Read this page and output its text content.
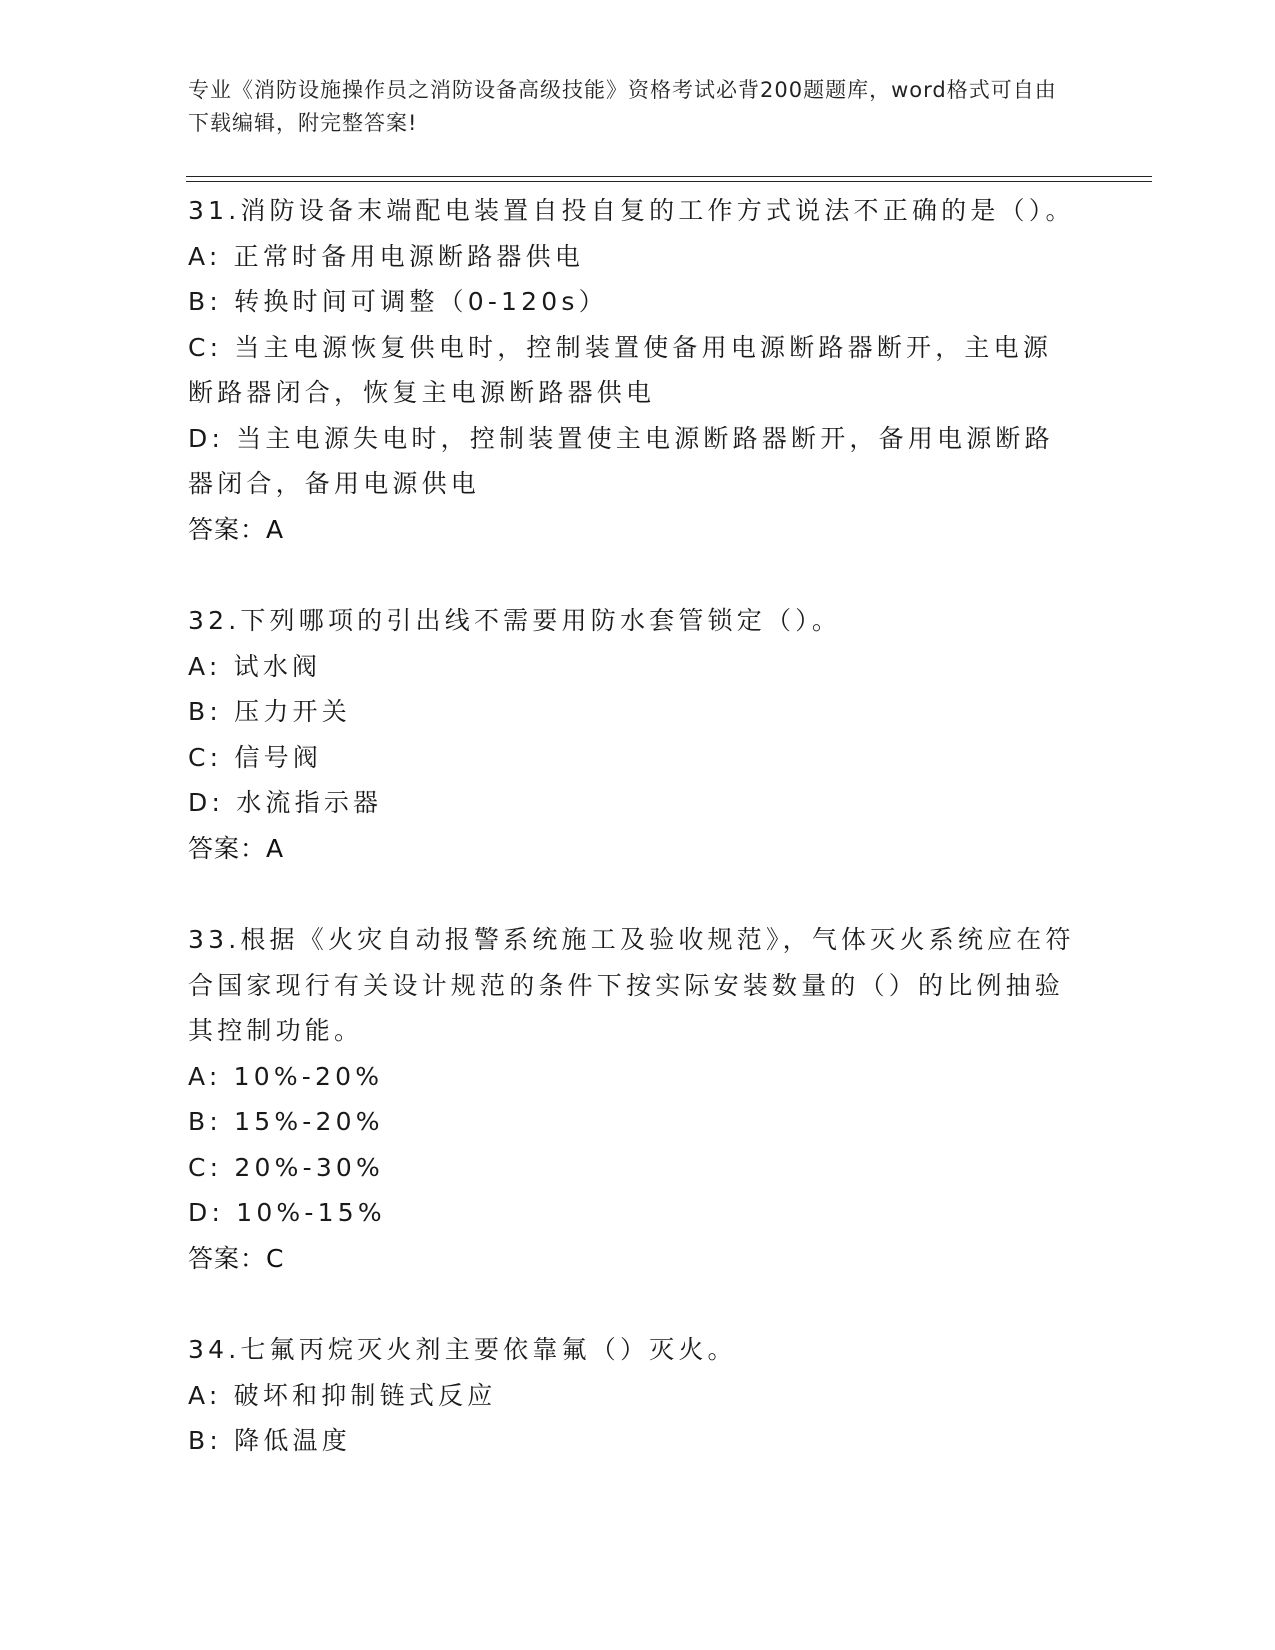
专业《消防设施操作员之消防设备高级技能》资格考试必背200题题库，word格式可自由下载编辑，附完整答案!
31.消防设备末端配电装置自投自复的工作方式说法不正确的是（）。
A: 正常时备用电源断路器供电
B: 转换时间可调整（0-120s）
C: 当主电源恢复供电时，控制装置使备用电源断路器断开，主电源断路器闭合，恢复主电源断路器供电
D: 当主电源失电时，控制装置使主电源断路器断开，备用电源断路器闭合，备用电源供电
答案：A
32.下列哪项的引出线不需要用防水套管锁定（）。
A: 试水阀
B: 压力开关
C: 信号阀
D: 水流指示器
答案：A
33.根据《火灾自动报警系统施工及验收规范》，气体灭火系统应在符合国家现行有关设计规范的条件下按实际安装数量的（）的比例抽验其控制功能。
A: 10%-20%
B: 15%-20%
C: 20%-30%
D: 10%-15%
答案：C
34.七氟丙烷灭火剂主要依靠氟（）灭火。
A: 破坏和抑制链式反应
B: 降低温度
